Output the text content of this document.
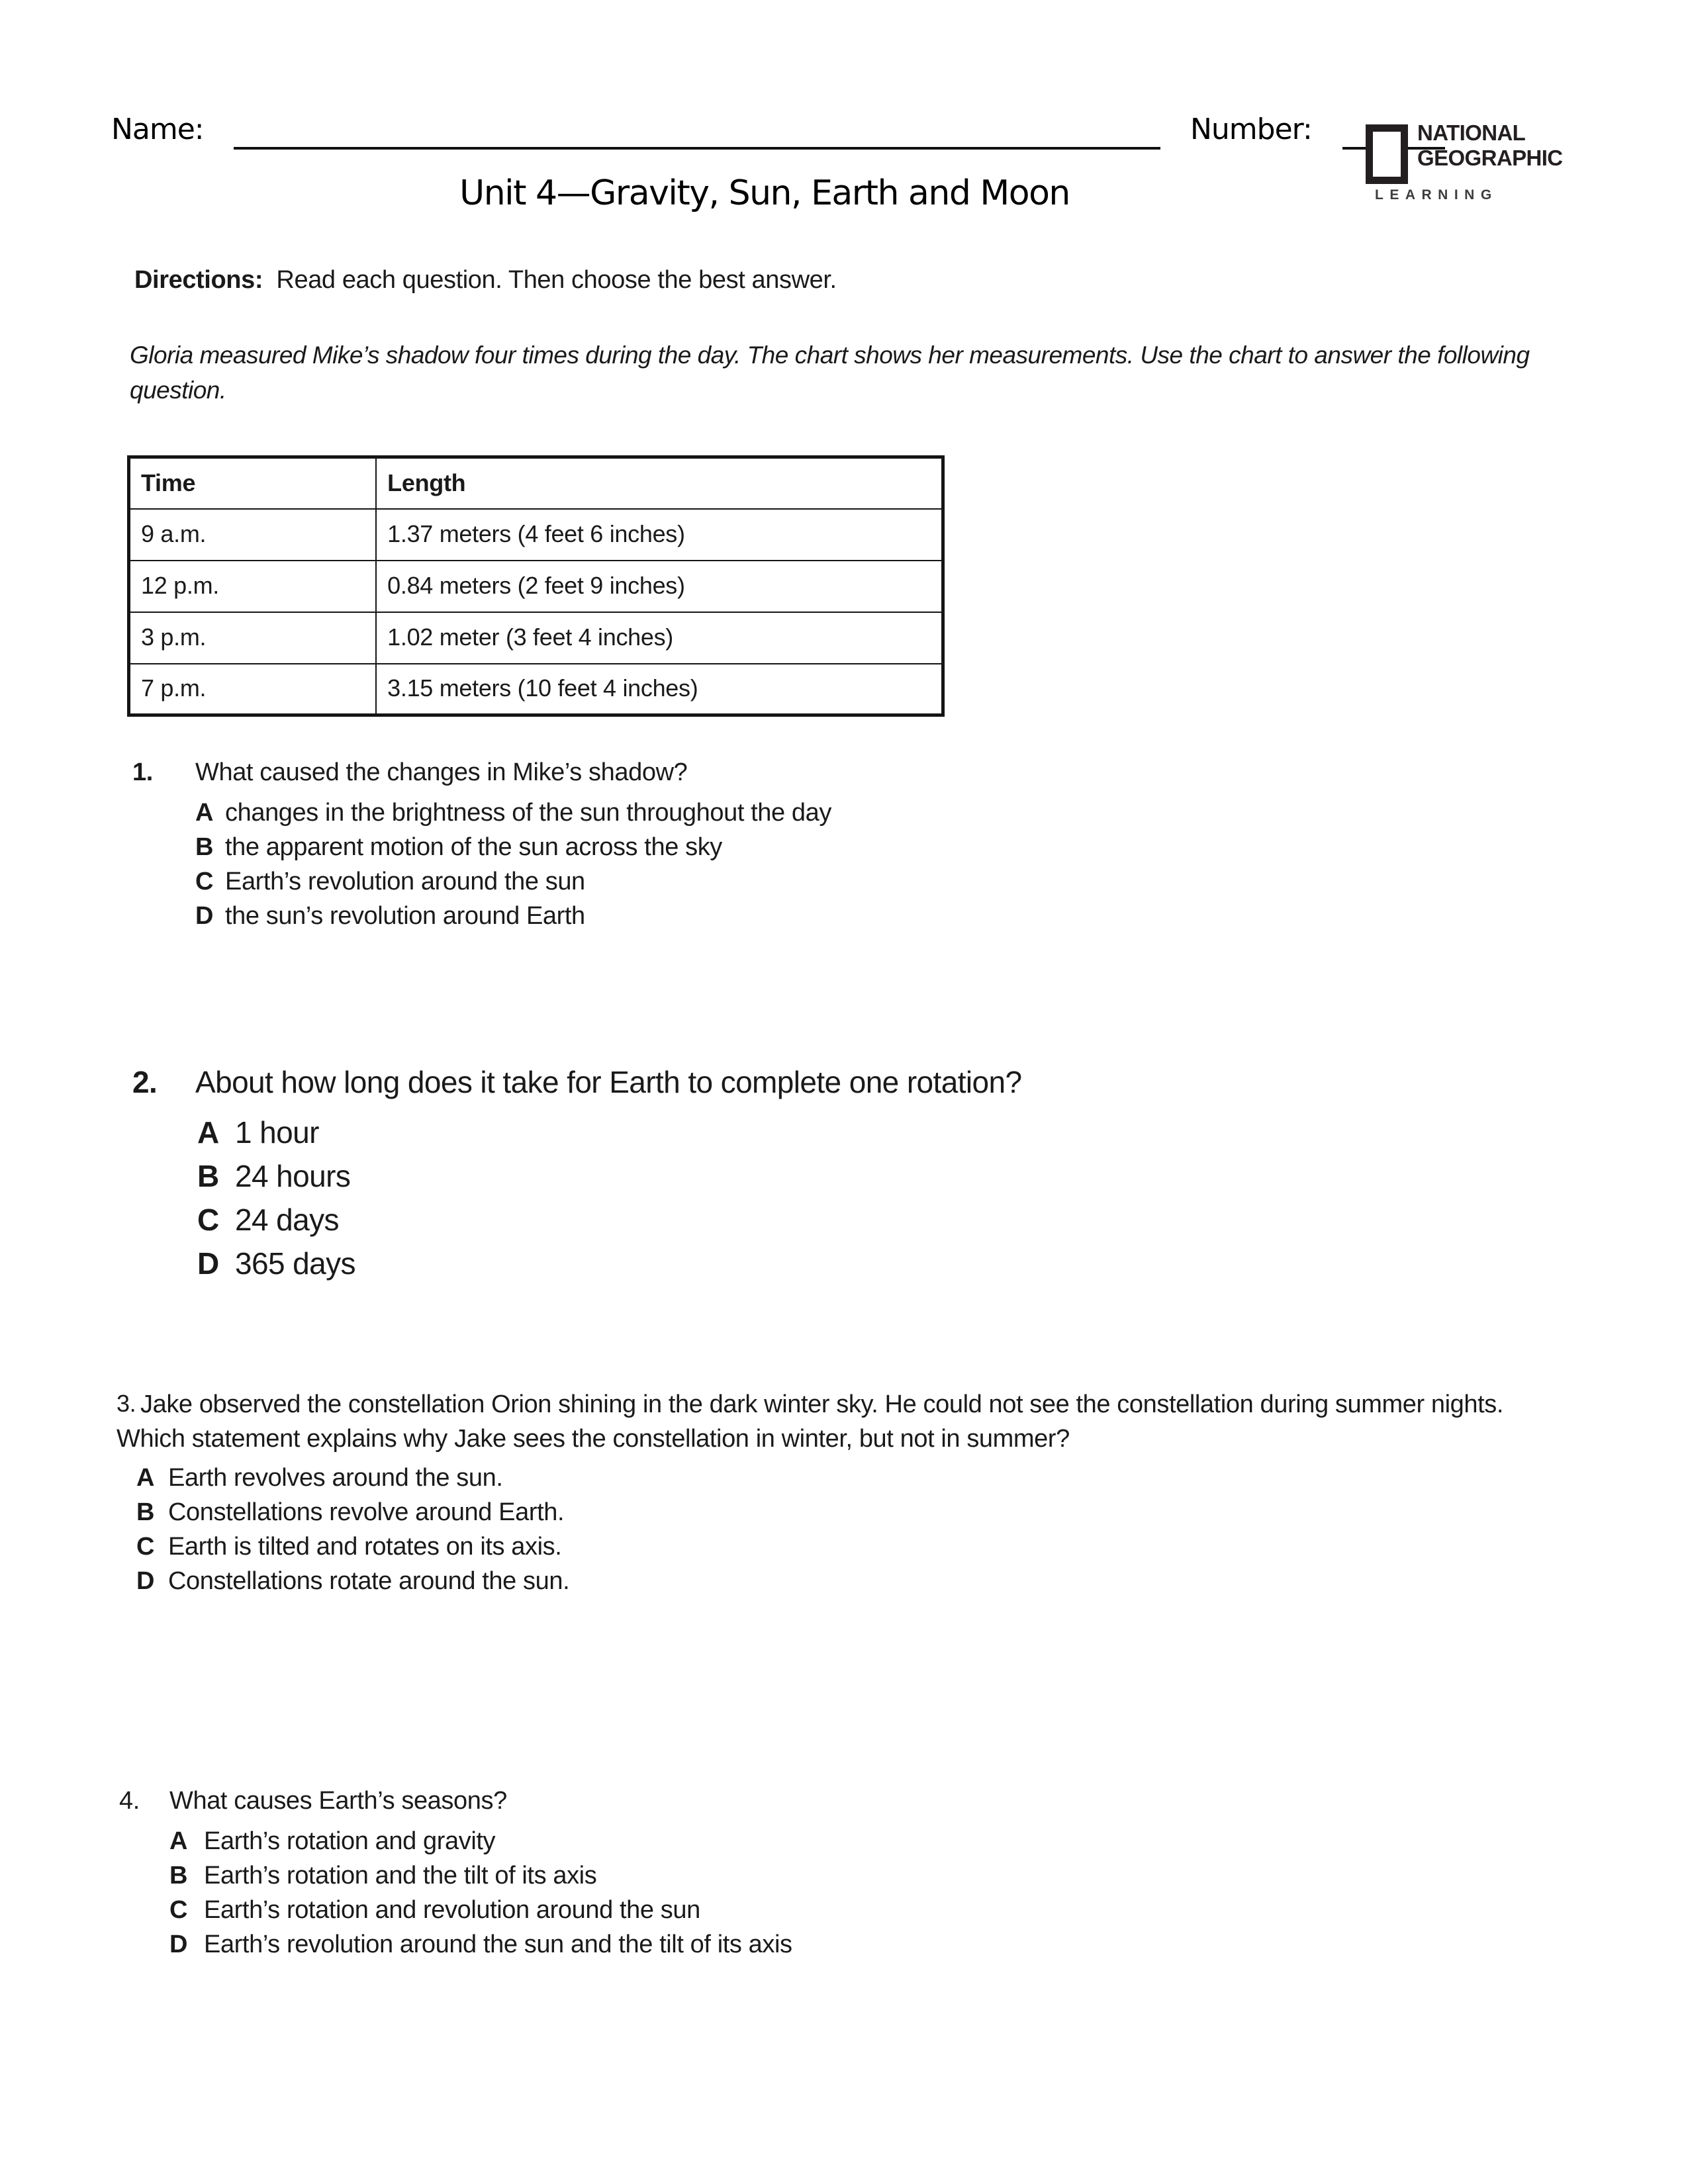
Name:	Number:	NATIONAL
GEOGRAPHIC
LEARNING
Unit 4—Gravity, Sun, Earth and Moon
Directions: Read each question. Then choose the best answer.
Gloria measured Mike’s shadow four times during the day. The chart shows her measurements. Use the chart to answer the following question.
Time	Length
9 a.m.	1.37 meters (4 feet 6 inches)
12 p.m.	0.84 meters (2 feet 9 inches)
3 p.m.	1.02 meter (3 feet 4 inches)
7 p.m.	3.15 meters (10 feet 4 inches)
1. What caused the changes in Mike’s shadow?
A changes in the brightness of the sun throughout the day
B the apparent motion of the sun across the sky
C Earth’s revolution around the sun
D the sun’s revolution around Earth
2. About how long does it take for Earth to complete one rotation?
A 1 hour
B 24 hours
C 24 days
D 365 days
3. Jake observed the constellation Orion shining in the dark winter sky. He could not see the constellation during summer nights. Which statement explains why Jake sees the constellation in winter, but not in summer?
A Earth revolves around the sun.
B Constellations revolve around Earth.
C Earth is tilted and rotates on its axis.
D Constellations rotate around the sun.
4. What causes Earth’s seasons?
A Earth’s rotation and gravity
B Earth’s rotation and the tilt of its axis
C Earth’s rotation and revolution around the sun
D Earth’s revolution around the sun and the tilt of its axis
